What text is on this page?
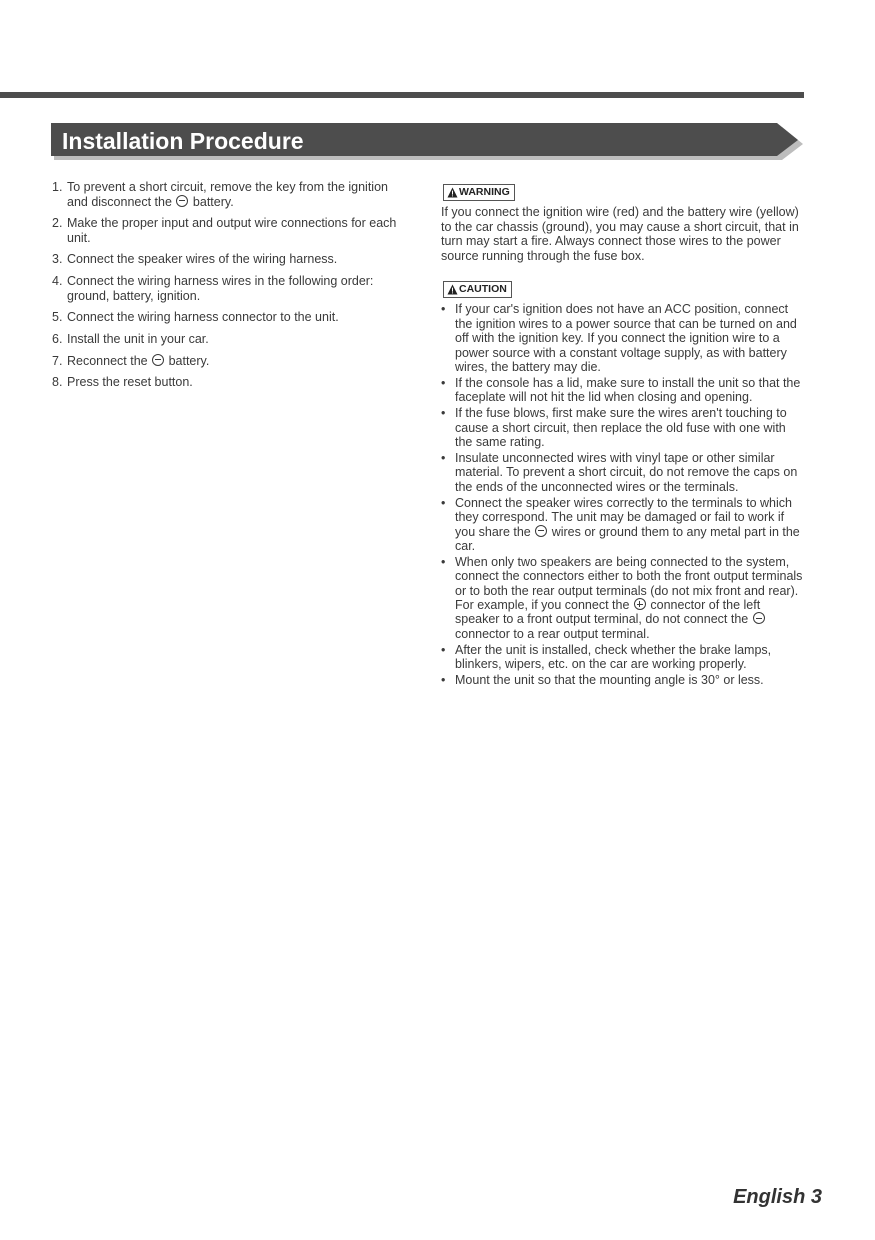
Installation Procedure
1. To prevent a short circuit, remove the key from the ignition and disconnect the battery.
2. Make the proper input and output wire connections for each unit.
3. Connect the speaker wires of the wiring harness.
4. Connect the wiring harness wires in the following order: ground, battery, ignition.
5. Connect the wiring harness connector to the unit.
6. Install the unit in your car.
7. Reconnect the battery.
8. Press the reset button.
WARNING

If you connect the ignition wire (red) and the battery wire (yellow) to the car chassis (ground), you may cause a short circuit, that in turn may start a fire. Always connect those wires to the power source running through the fuse box.

CAUTION
• If your car's ignition does not have an ACC position, connect the ignition wires to a power source that can be turned on and off with the ignition key. If you connect the ignition wire to a power source with a constant voltage supply, as with battery wires, the battery may die.
• If the console has a lid, make sure to install the unit so that the faceplate will not hit the lid when closing and opening.
• If the fuse blows, first make sure the wires aren't touching to cause a short circuit, then replace the old fuse with one with the same rating.
• Insulate unconnected wires with vinyl tape or other similar material. To prevent a short circuit, do not remove the caps on the ends of the unconnected wires or the terminals.
• Connect the speaker wires correctly to the terminals to which they correspond. The unit may be damaged or fail to work if you share the wires or ground them to any metal part in the car.
• When only two speakers are being connected to the system, connect the connectors either to both the front output terminals or to both the rear output terminals (do not mix front and rear). For example, if you connect the connector of the left speaker to a front output terminal, do not connect the  connector to a rear output terminal.
• After the unit is installed, check whether the brake lamps, blinkers, wipers, etc. on the car are working properly.
• Mount the unit so that the mounting angle is 30° or less.
English 3
